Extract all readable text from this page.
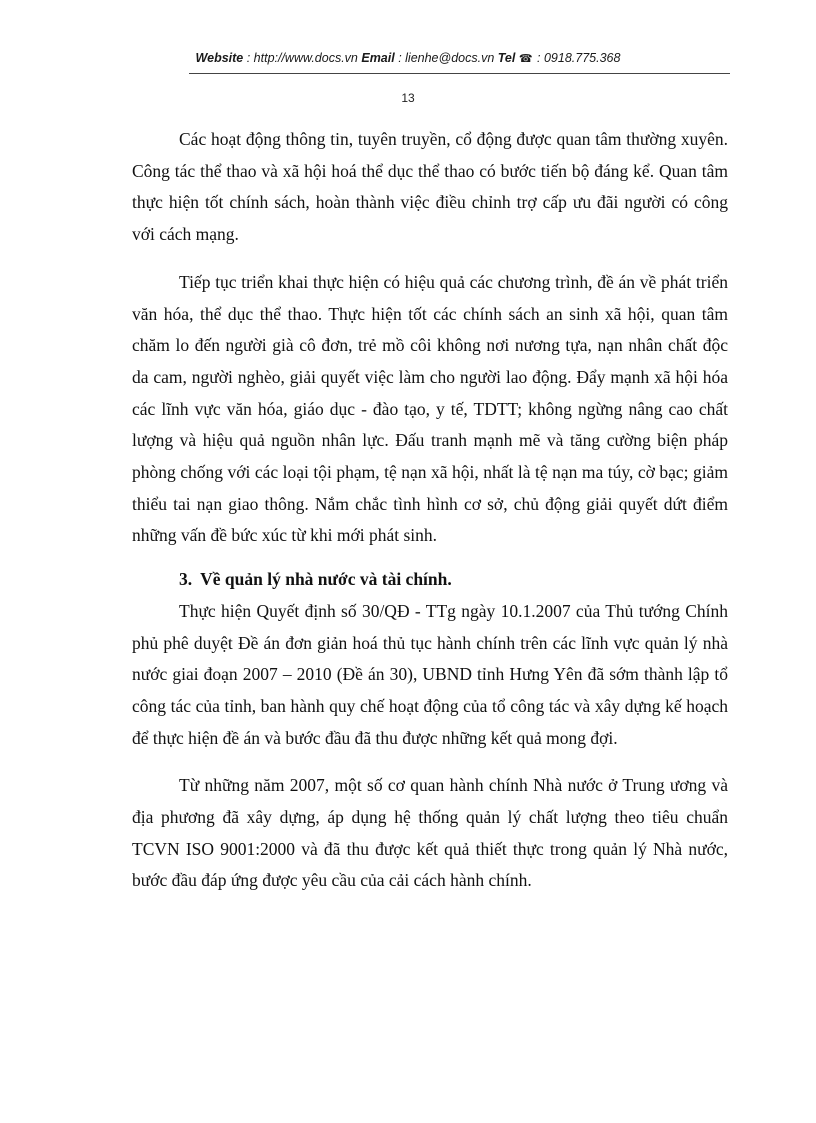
Website : http://www.docs.vn Email : lienhe@docs.vn Tel ☎ : 0918.775.368
13

Các hoạt động thông tin, tuyên truyền, cổ động được quan tâm thường xuyên. Công tác thể thao và xã hội hoá thể dục thể thao có bước tiến bộ đáng kể. Quan tâm thực hiện tốt chính sách, hoàn thành việc điều chỉnh trợ cấp ưu đãi người có công với cách mạng.

Tiếp tục triển khai thực hiện có hiệu quả các chương trình, đề án về phát triển văn hóa, thể dục thể thao. Thực hiện tốt các chính sách an sinh xã hội, quan tâm chăm lo đến người già cô đơn, trẻ mồ côi không nơi nương tựa, nạn nhân chất độc da cam, người nghèo, giải quyết việc làm cho người lao động. Đẩy mạnh xã hội hóa các lĩnh vực văn hóa, giáo dục - đào tạo, y tế, TDTT; không ngừng nâng cao chất lượng và hiệu quả nguồn nhân lực. Đấu tranh mạnh mẽ và tăng cường biện pháp phòng chống với các loại tội phạm, tệ nạn xã hội, nhất là tệ nạn ma túy, cờ bạc; giảm thiểu tai nạn giao thông. Nắm chắc tình hình cơ sở, chủ động giải quyết dứt điểm những vấn đề bức xúc từ khi mới phát sinh.

3. Về quản lý nhà nước và tài chính.

Thực hiện Quyết định số 30/QĐ - TTg ngày 10.1.2007 của Thủ tướng Chính phủ phê duyệt Đề án đơn giản hoá thủ tục hành chính trên các lĩnh vực quản lý nhà nước giai đoạn 2007 – 2010 (Đề án 30), UBND tỉnh Hưng Yên đã sớm thành lập tổ công tác của tỉnh, ban hành quy chế hoạt động của tổ công tác và xây dựng kế hoạch để thực hiện đề án và bước đầu đã thu được những kết quả mong đợi.

Từ những năm 2007, một số cơ quan hành chính Nhà nước ở Trung ương và địa phương đã xây dựng, áp dụng hệ thống quản lý chất lượng theo tiêu chuẩn TCVN ISO 9001:2000 và đã thu được kết quả thiết thực trong quản lý Nhà nước, bước đầu đáp ứng được yêu cầu của cải cách hành chính.
